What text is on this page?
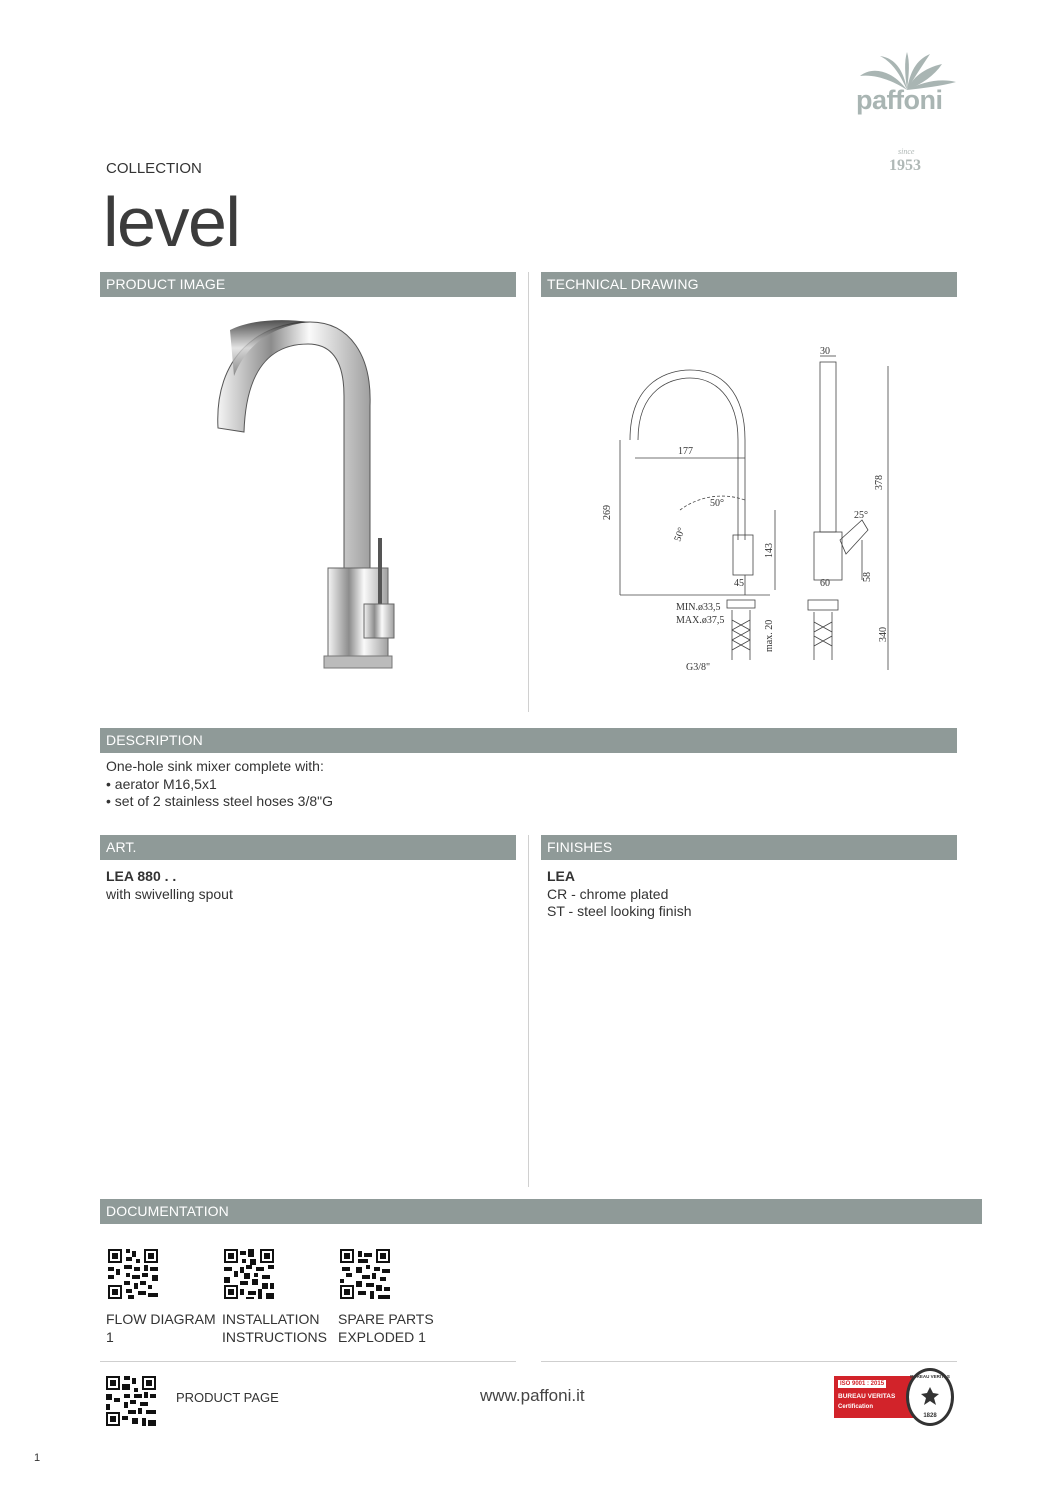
paffoni
since
1953
COLLECTION
level
PRODUCT IMAGE	TECHNICAL DRAWING
30
177
269
378
50°
50°
25°
143
45	60
58
MIN.ø33,5
MAX.ø37,5	max. 20	340
G3/8"
DESCRIPTION
One-hole sink mixer complete with:
• aerator M16,5x1
• set of 2 stainless steel hoses 3/8"G
ART.	FINISHES
LEA 880 . .
with swivelling spout
LEA
CR - chrome plated
ST - steel looking finish
DOCUMENTATION
FLOW DIAGRAM
1
INSTALLATION
INSTRUCTIONS
SPARE PARTS
EXPLODED 1
PRODUCT PAGE	www.paffoni.it
ISO 9001 : 2015
BUREAU VERITAS
Certification
BUREAU VERITAS
1828
1
